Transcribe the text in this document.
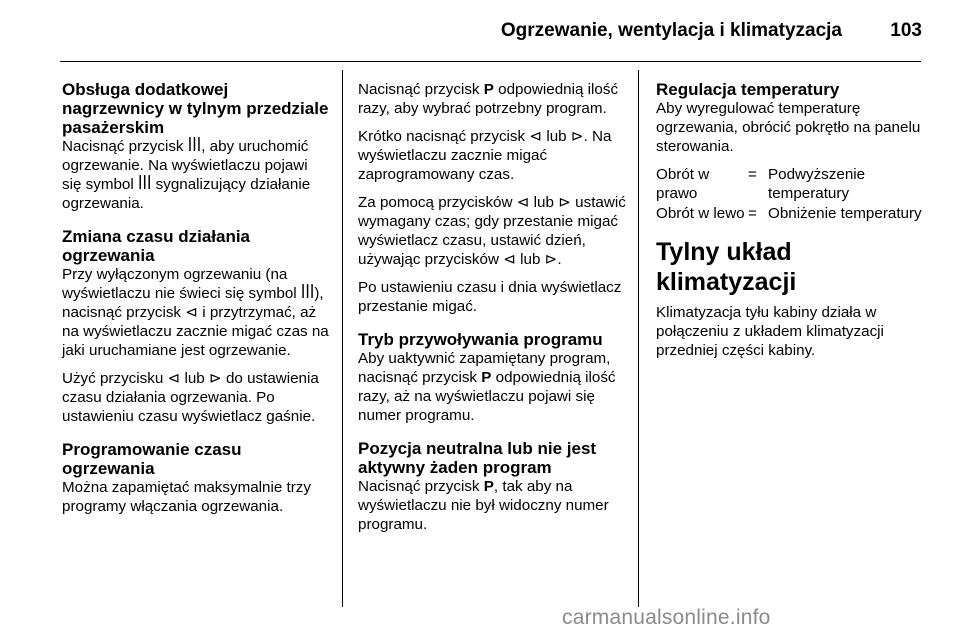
Ogrzewanie, wentylacja i klimatyzacja	103
Obsługa dodatkowej nagrzewnicy w tylnym przedziale pasażerskim
Nacisnąć przycisk ꟾꟾꟾ, aby uruchomić ogrzewanie. Na wyświetlaczu pojawi się symbol ꟾꟾꟾ sygnalizujący działanie ogrzewania.
Zmiana czasu działania ogrzewania
Przy wyłączonym ogrzewaniu (na wyświetlaczu nie świeci się symbol ꟾꟾꟾ), nacisnąć przycisk ⊲ i przytrzymać, aż na wyświetlaczu zacznie migać czas na jaki uruchamiane jest ogrzewanie.
Użyć przycisku ⊲ lub ⊳ do ustawienia czasu działania ogrzewania. Po ustawieniu czasu wyświetlacz gaśnie.
Programowanie czasu ogrzewania
Można zapamiętać maksymalnie trzy programy włączania ogrzewania.
Nacisnąć przycisk P odpowiednią ilość razy, aby wybrać potrzebny program.
Krótko nacisnąć przycisk ⊲ lub ⊳. Na wyświetlaczu zacznie migać zaprogramowany czas.
Za pomocą przycisków ⊲ lub ⊳ ustawić wymagany czas; gdy przestanie migać wyświetlacz czasu, ustawić dzień, używając przycisków ⊲ lub ⊳.
Po ustawieniu czasu i dnia wyświetlacz przestanie migać.
Tryb przywoływania programu
Aby uaktywnić zapamiętany program, nacisnąć przycisk P odpowiednią ilość razy, aż na wyświetlaczu pojawi się numer programu.
Pozycja neutralna lub nie jest aktywny żaden program
Nacisnąć przycisk P, tak aby na wyświetlaczu nie był widoczny numer programu.
Regulacja temperatury
Aby wyregulować temperaturę ogrzewania, obrócić pokrętło na panelu sterowania.
Obrót w prawo
= Podwyższenie temperatury
Obrót w lewo = Obniżenie temperatury
Tylny układ klimatyzacji
Klimatyzacja tyłu kabiny działa w połączeniu z układem klimatyzacji przedniej części kabiny.
carmanualsonline.info
